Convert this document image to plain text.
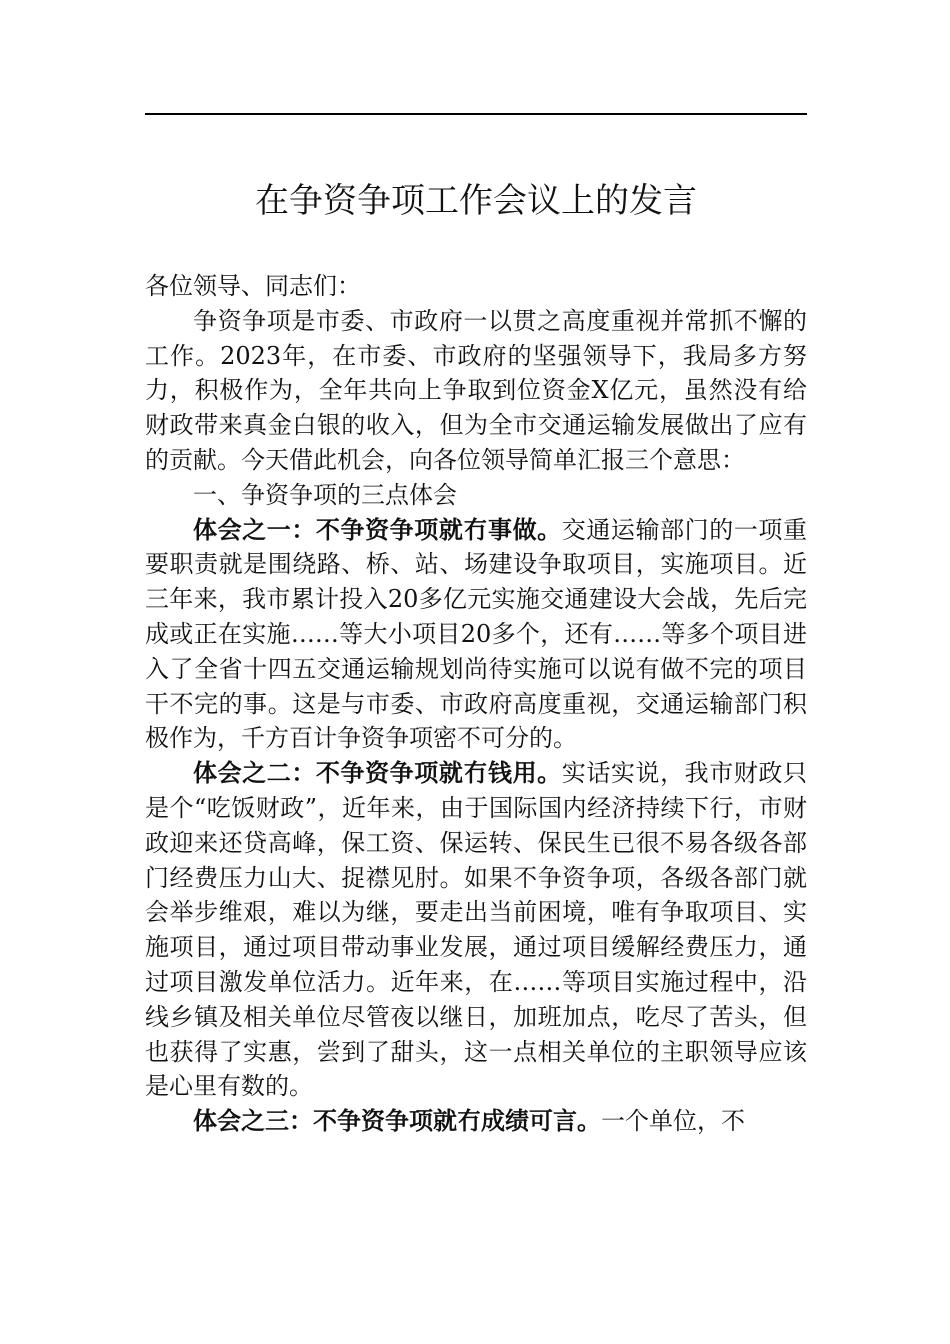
在争资争项工作会议上的发言

各位领导、同志们：

争资争项是市委、市政府一以贯之高度重视并常抓不懈的工作。2023年，在市委、市政府的坚强领导下，我局多方努力，积极作为，全年共向上争取到位资金X亿元，虽然没有给财政带来真金白银的收入，但为全市交通运输发展做出了应有的贡献。今天借此机会，向各位领导简单汇报三个意思：

一、争资争项的三点体会

体会之一：不争资争项就冇事做。交通运输部门的一项重要职责就是围绕路、桥、站、场建设争取项目，实施项目。近三年来，我市累计投入20多亿元实施交通建设大会战，先后完成或正在实施……等大小项目20多个，还有……等多个项目进入了全省十四五交通运输规划尚待实施可以说有做不完的项目干不完的事。这是与市委、市政府高度重视，交通运输部门积极作为，千方百计争资争项密不可分的。

体会之二：不争资争项就冇钱用。实话实说，我市财政只是个“吃饭财政”，近年来，由于国际国内经济持续下行，市财政迎来还贷高峰，保工资、保运转、保民生已很不易各级各部门经费压力山大、捉襟见肘。如果不争资争项，各级各部门就会举步维艰，难以为继，要走出当前困境，唯有争取项目、实施项目，通过项目带动事业发展，通过项目缓解经费压力，通过项目激发单位活力。近年来，在……等项目实施过程中，沿线乡镇及相关单位尽管夜以继日，加班加点，吃尽了苦头，但也获得了实惠，尝到了甜头，这一点相关单位的主职领导应该是心里有数的。

体会之三：不争资争项就冇成绩可言。一个单位，不
